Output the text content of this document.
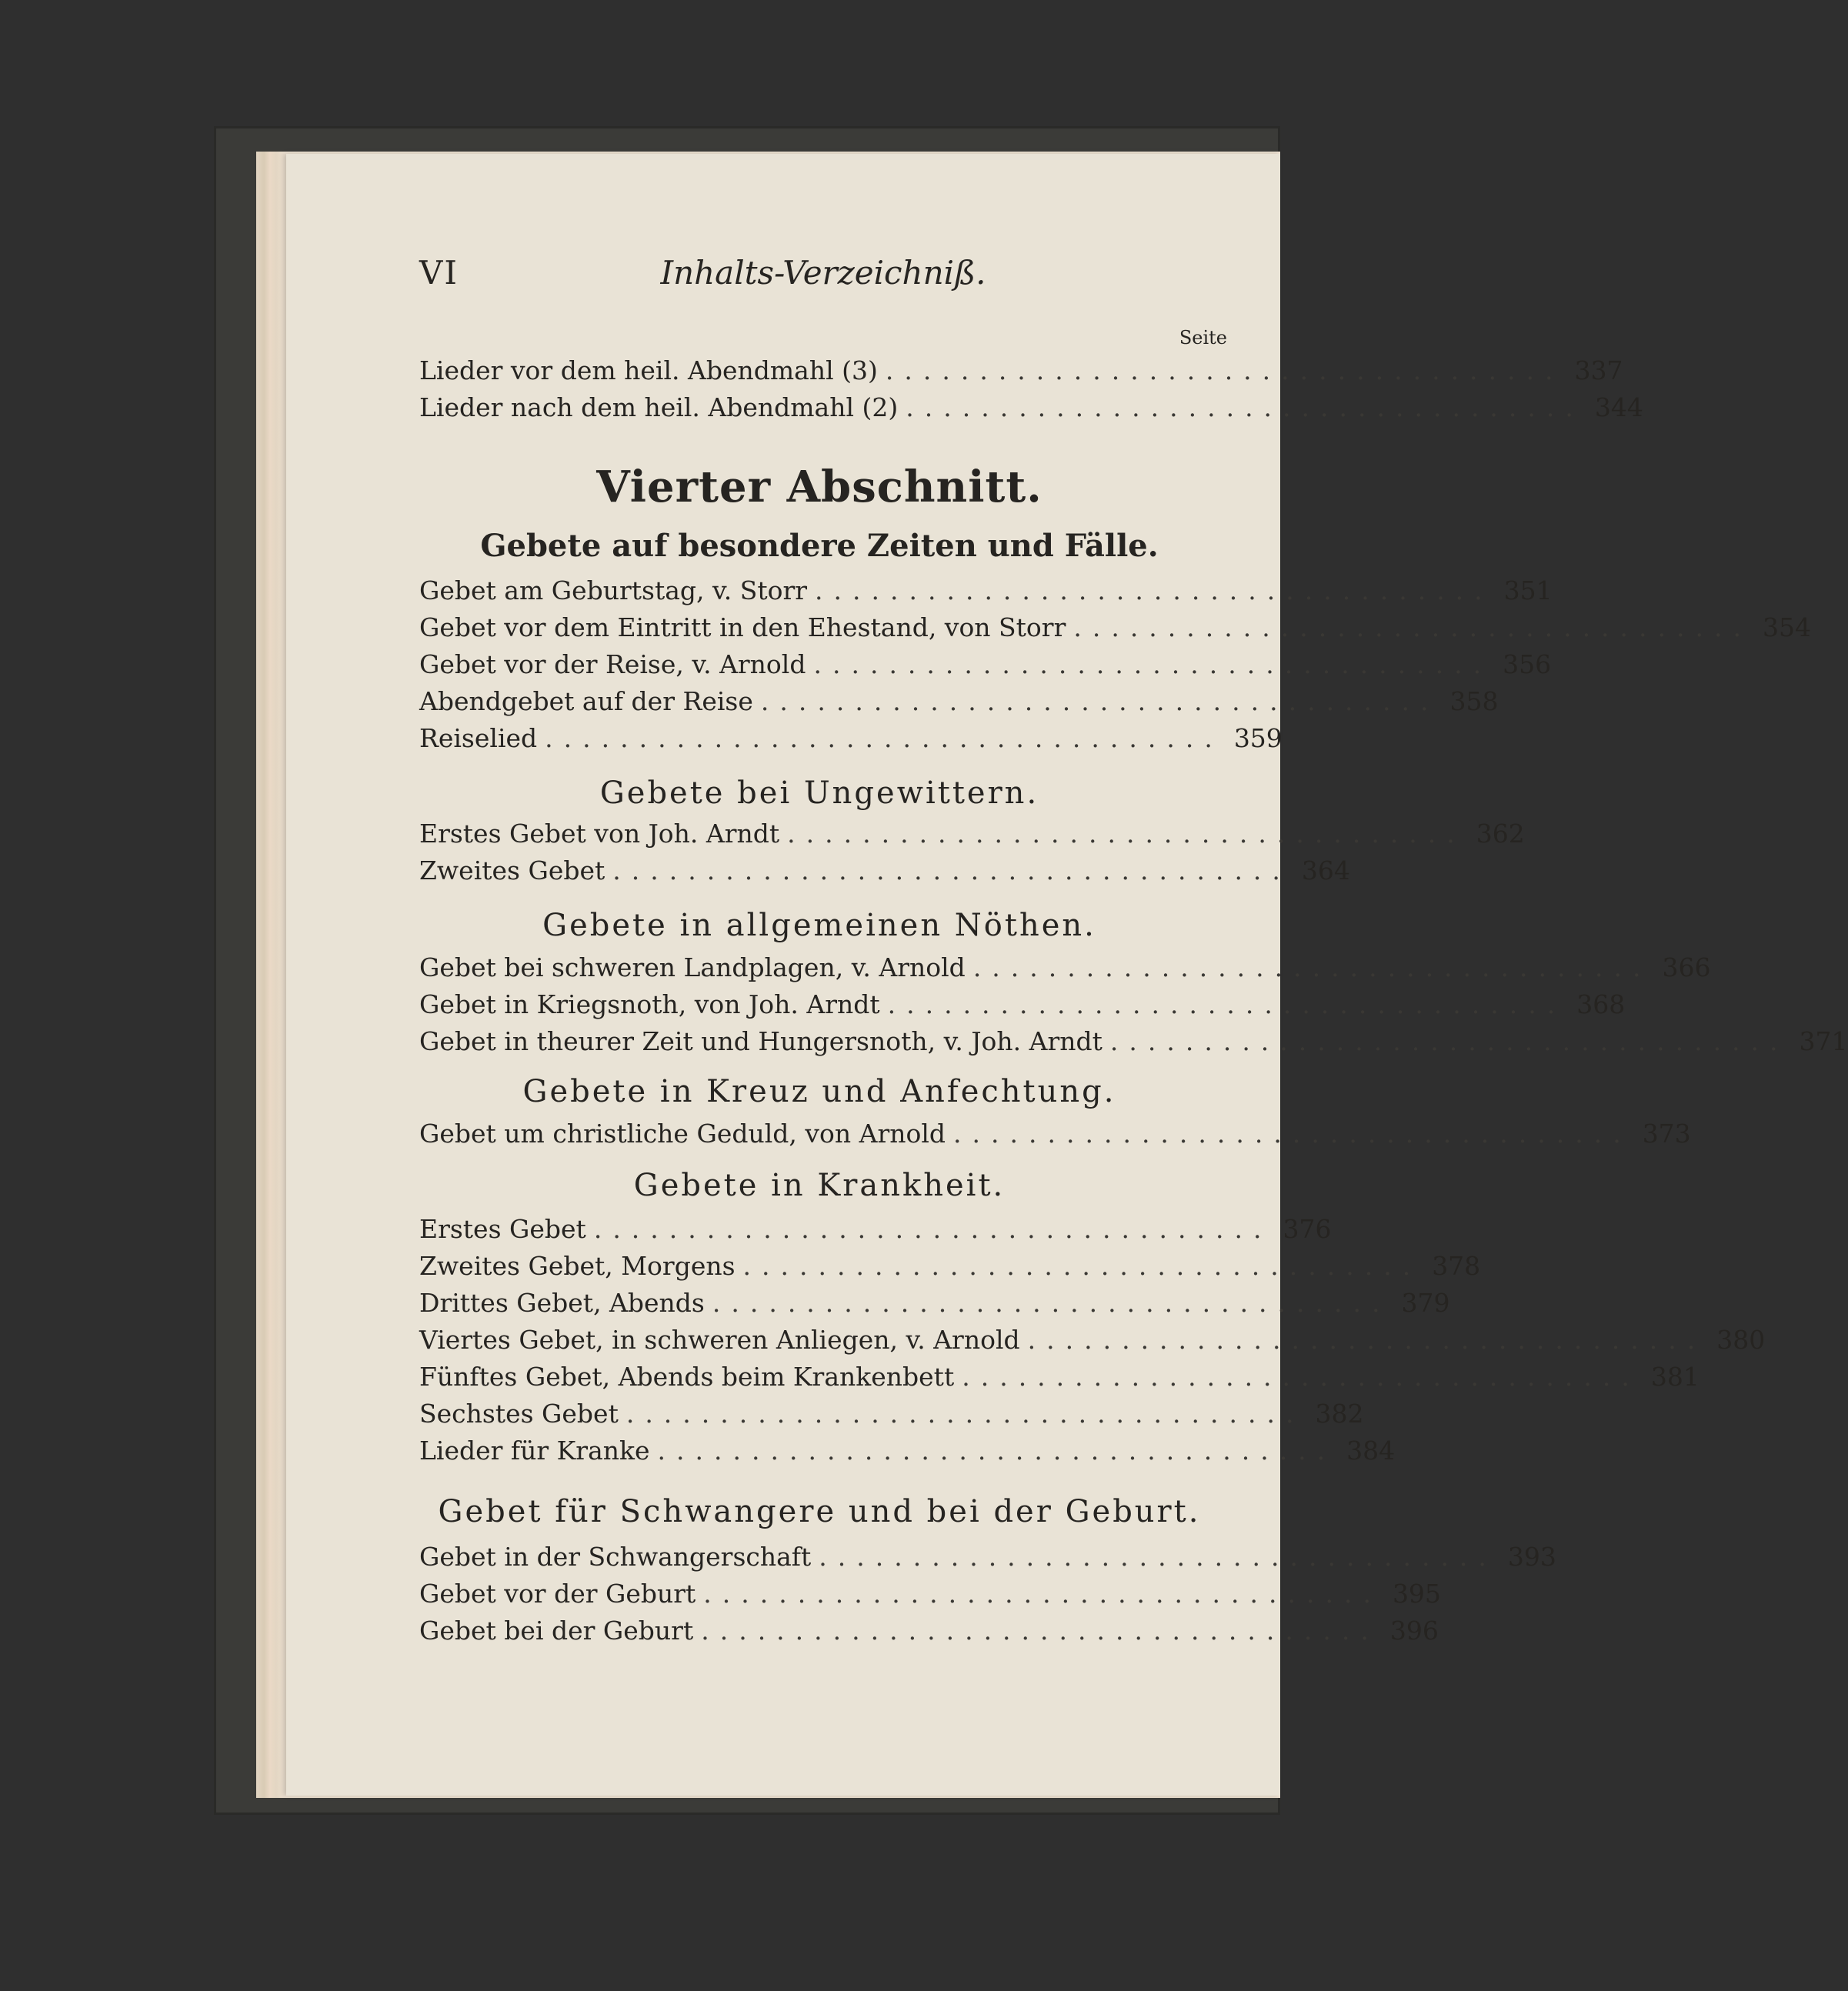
VI	Inhalts-Verzeichniß.
Seite
Lieder vor dem heil. Abendmahl (3) .................................... 337
Lieder nach dem heil. Abendmahl (2) .................................... 344
Vierter Abschnitt.
Gebete auf besondere Zeiten und Fälle.
Gebet am Geburtstag, v. Storr .................................... 351
Gebet vor dem Eintritt in den Ehestand, von Storr .................................... 354
Gebet vor der Reise, v. Arnold .................................... 356
Abendgebet auf der Reise .................................... 358
Reiselied .................................... 359
Gebete bei Ungewittern.
Erstes Gebet von Joh. Arndt .................................... 362
Zweites Gebet .................................... 364
Gebete in allgemeinen Nöthen.
Gebet bei schweren Landplagen, v. Arnold .................................... 366
Gebet in Kriegsnoth, von Joh. Arndt .................................... 368
Gebet in theurer Zeit und Hungersnoth, v. Joh. Arndt .................................... 371
Gebete in Kreuz und Anfechtung.
Gebet um christliche Geduld, von Arnold .................................... 373
Gebete in Krankheit.
Erstes Gebet .................................... 376
Zweites Gebet, Morgens .................................... 378
Drittes Gebet, Abends .................................... 379
Viertes Gebet, in schweren Anliegen, v. Arnold .................................... 380
Fünftes Gebet, Abends beim Krankenbett .................................... 381
Sechstes Gebet .................................... 382
Lieder für Kranke .................................... 384
Gebet für Schwangere und bei der Geburt.
Gebet in der Schwangerschaft .................................... 393
Gebet vor der Geburt .................................... 395
Gebet bei der Geburt .................................... 396
